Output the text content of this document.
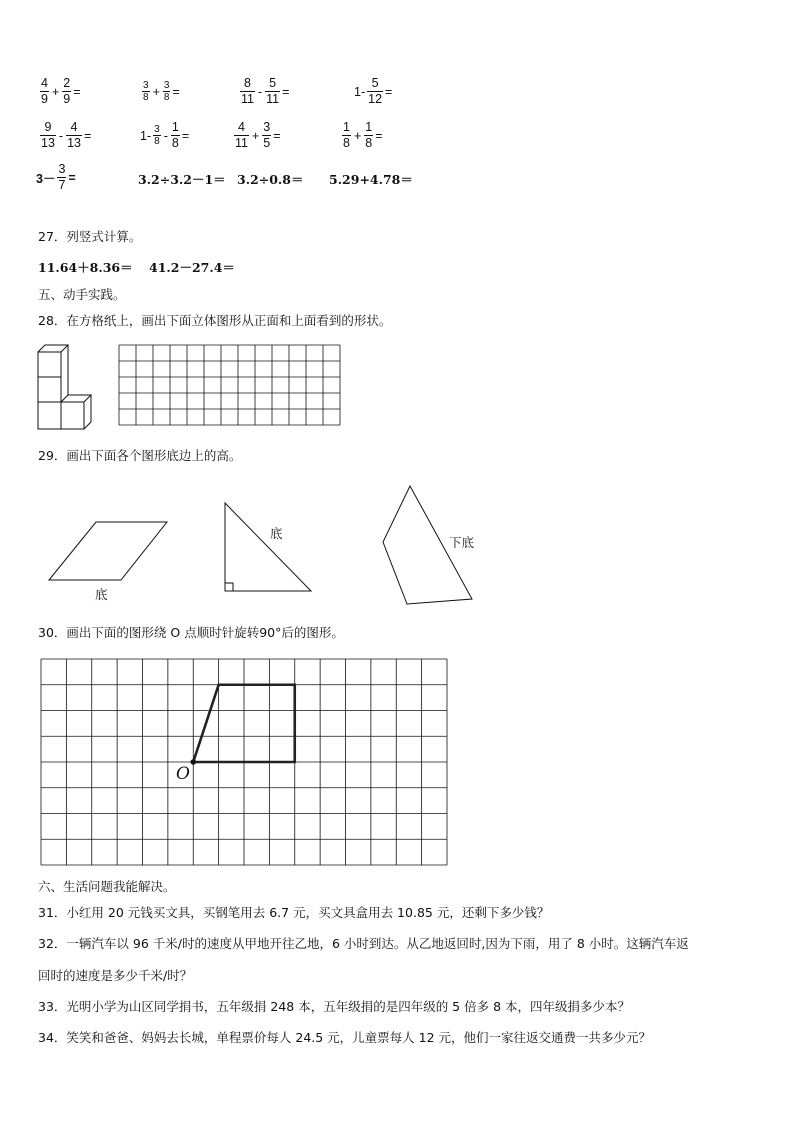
$\frac{4}{9} + \frac{2}{9}$ =	$\frac{3}{8} + \frac{3}{8}$ =	$\frac{8}{11} - \frac{5}{11}$ =	$1- \frac{5}{12}$ =
$\frac{9}{13} - \frac{4}{13}$ =	$1- \frac{3}{8} - \frac{1}{8}$ =	$\frac{4}{11} + \frac{3}{5}$ =	$\frac{1}{8} + \frac{1}{8}$ =
$3- \frac{3}{7}$ =	3.2÷3.2－1＝ 3.2÷0.8＝ 5.29+4.78＝
27．列竖式计算。
11.64＋8.36＝ 41.2－27.4＝
五、动手实践。
28．在方格纸上，画出下面立体图形从正面和上面看到的形状。
29．画出下面各个图形底边上的高。
底
底
下底
30．画出下面的图形绕 O 点顺时针旋转90°后的图形。
O
六、生活问题我能解决。
31．小红用 20 元钱买文具，买钢笔用去 6.7 元，买文具盒用去 10.85 元，还剩下多少钱？
32．一辆汽车以 96 千米/时的速度从甲地开往乙地，6 小时到达。从乙地返回时,因为下雨，用了 8 小时。这辆汽车返
回时的速度是多少千米/时？
33．光明小学为山区同学捐书，五年级捐 248 本，五年级捐的是四年级的 5 倍多 8 本，四年级捐多少本？
34．笑笑和爸爸、妈妈去长城，单程票价每人 24.5 元，儿童票每人 12 元，他们一家往返交通费一共多少元？
